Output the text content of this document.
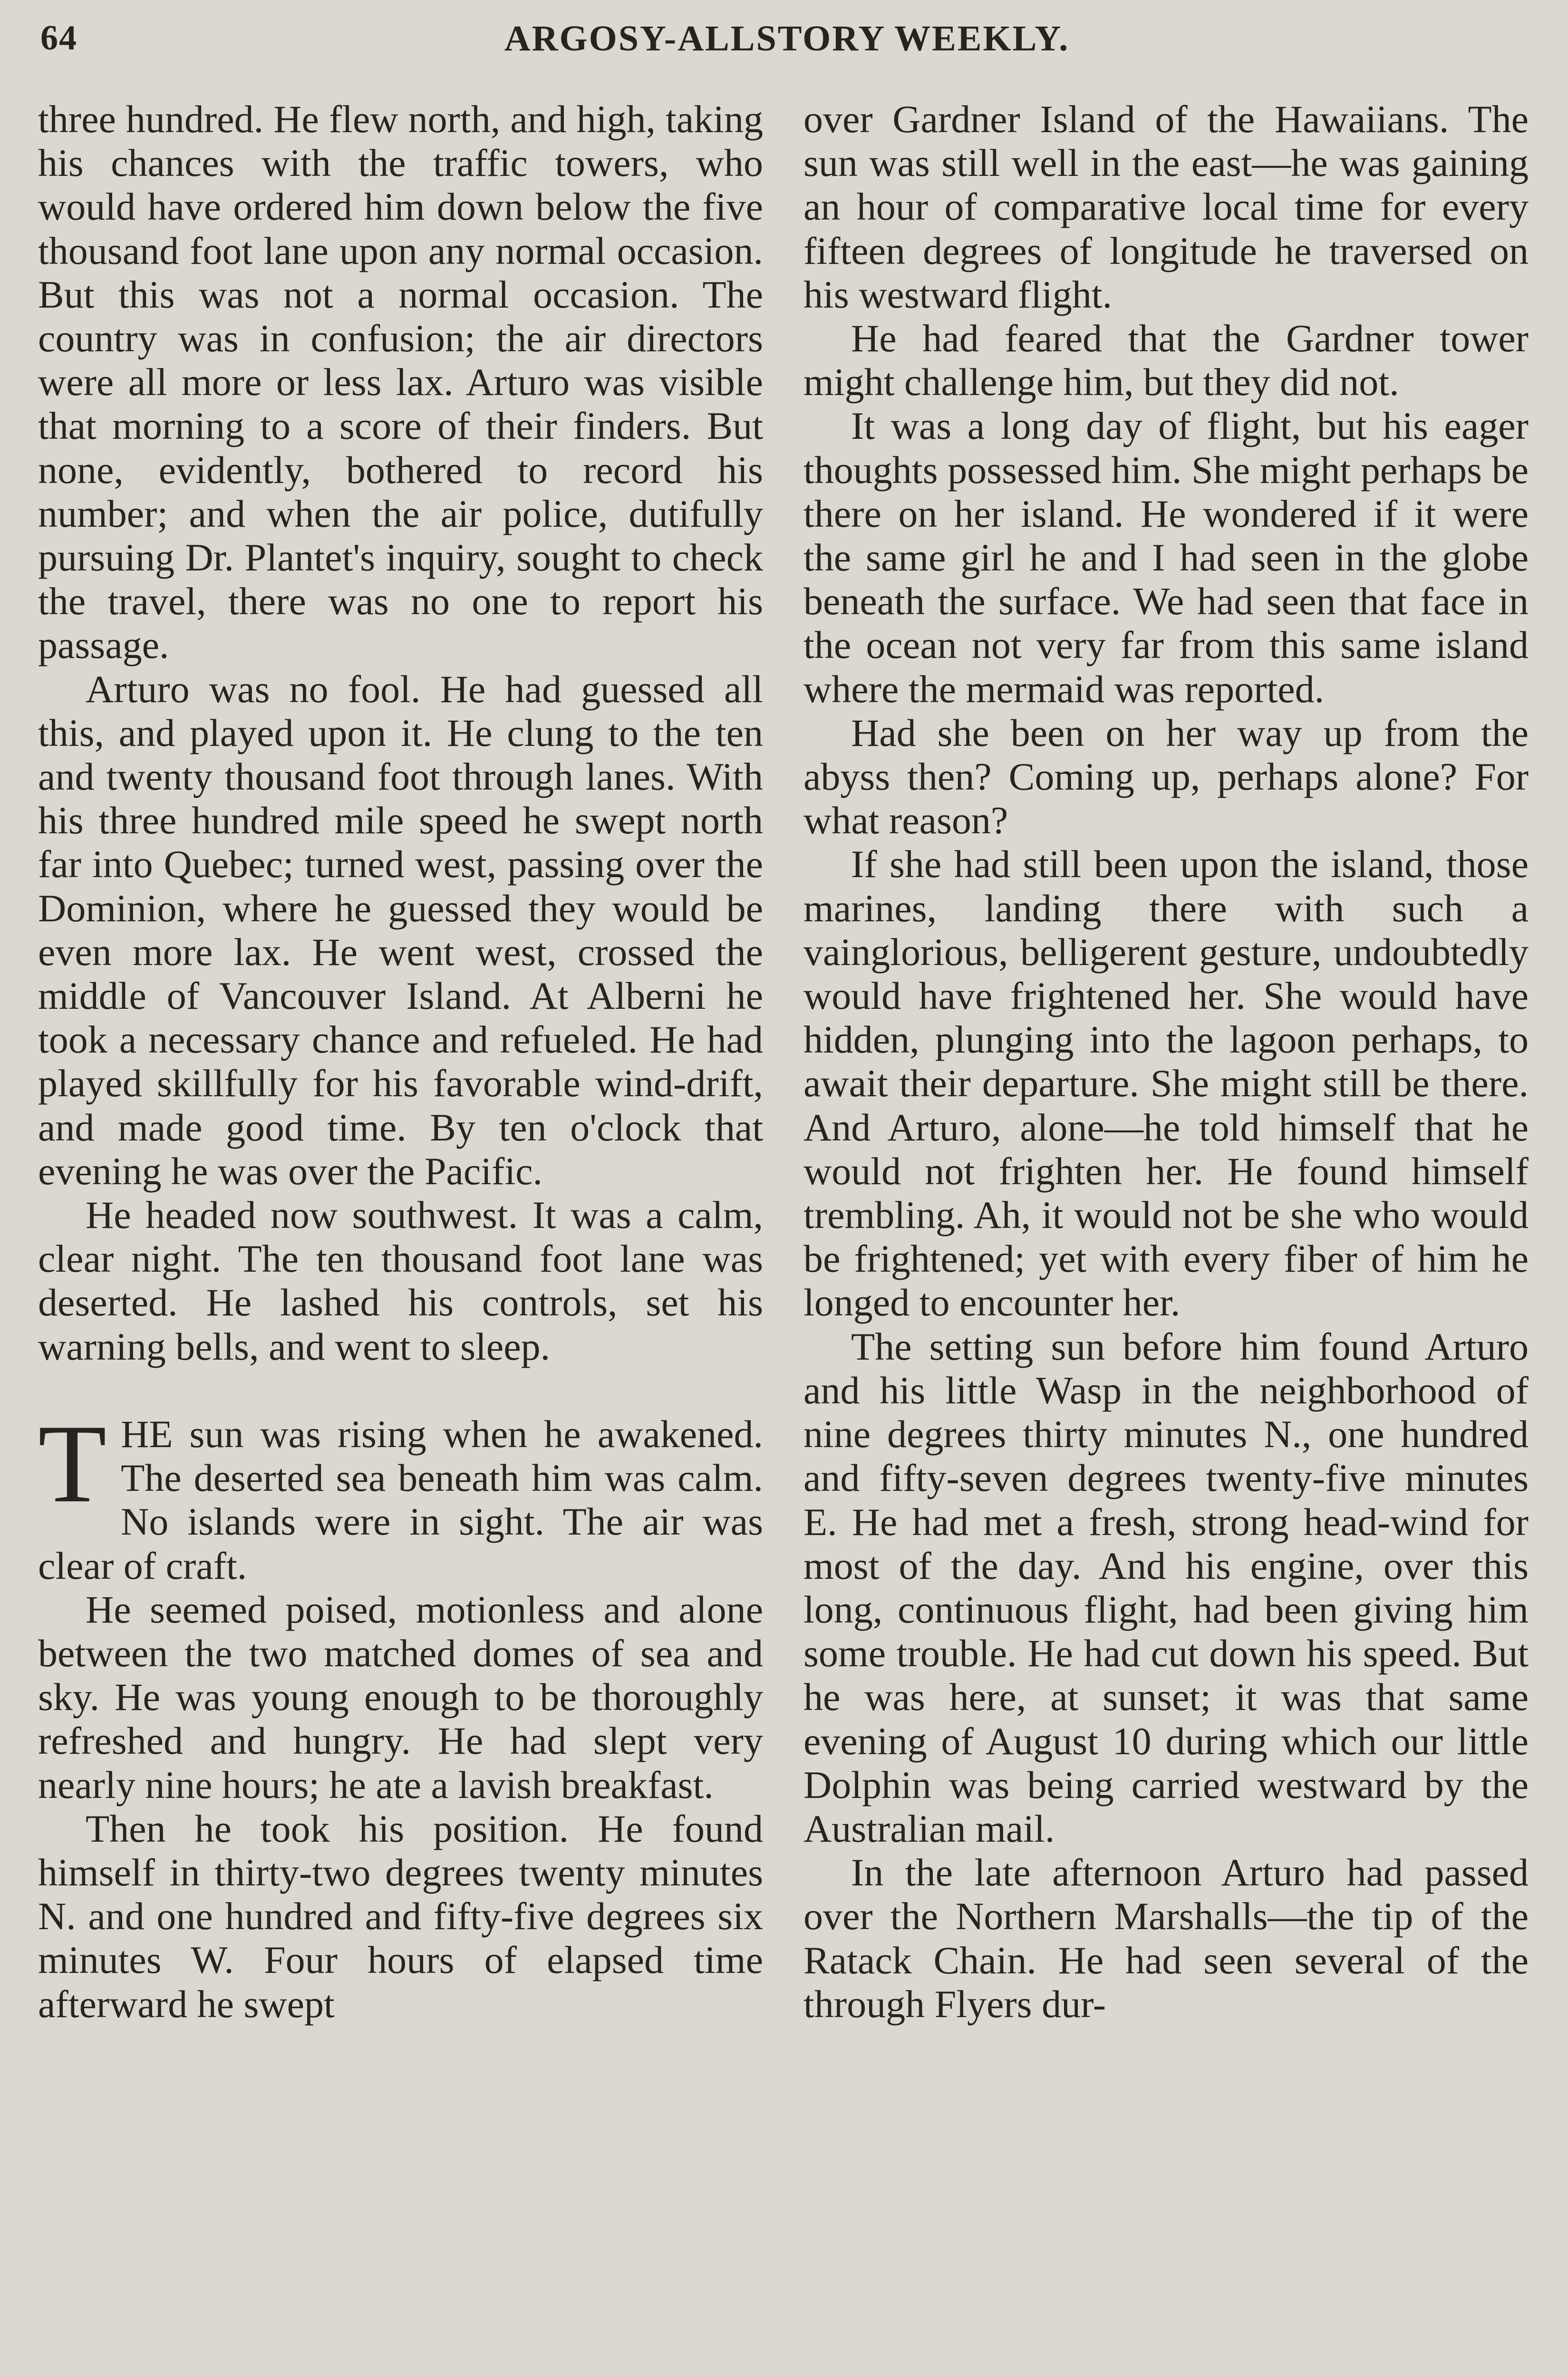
64	ARGOSY-ALLSTORY WEEKLY.

three hundred. He flew north, and high, taking his chances with the traffic towers, who would have ordered him down below the five thousand foot lane upon any normal occasion. But this was not a normal occasion. The country was in confusion; the air directors were all more or less lax. Arturo was visible that morning to a score of their finders. But none, evidently, bothered to record his number; and when the air police, dutifully pursuing Dr. Plantet's inquiry, sought to check the travel, there was no one to report his passage.

Arturo was no fool. He had guessed all this, and played upon it. He clung to the ten and twenty thousand foot through lanes. With his three hundred mile speed he swept north far into Quebec; turned west, passing over the Dominion, where he guessed they would be even more lax. He went west, crossed the middle of Vancouver Island. At Alberni he took a necessary chance and refueled. He had played skillfully for his favorable wind-drift, and made good time. By ten o'clock that evening he was over the Pacific.

He headed now southwest. It was a calm, clear night. The ten thousand foot lane was deserted. He lashed his controls, set his warning bells, and went to sleep.

THE sun was rising when he awakened. The deserted sea beneath him was calm. No islands were in sight. The air was clear of craft.

He seemed poised, motionless and alone between the two matched domes of sea and sky. He was young enough to be thoroughly refreshed and hungry. He had slept very nearly nine hours; he ate a lavish breakfast.

Then he took his position. He found himself in thirty-two degrees twenty minutes N. and one hundred and fifty-five degrees six minutes W. Four hours of elapsed time afterward he swept

over Gardner Island of the Hawaiians. The sun was still well in the east—he was gaining an hour of comparative local time for every fifteen degrees of longitude he traversed on his westward flight.

He had feared that the Gardner tower might challenge him, but they did not.

It was a long day of flight, but his eager thoughts possessed him. She might perhaps be there on her island. He wondered if it were the same girl he and I had seen in the globe beneath the surface. We had seen that face in the ocean not very far from this same island where the mermaid was reported.

Had she been on her way up from the abyss then? Coming up, perhaps alone? For what reason?

If she had still been upon the island, those marines, landing there with such a vainglorious, belligerent gesture, undoubtedly would have frightened her. She would have hidden, plunging into the lagoon perhaps, to await their departure. She might still be there. And Arturo, alone—he told himself that he would not frighten her. He found himself trembling. Ah, it would not be she who would be frightened; yet with every fiber of him he longed to encounter her.

The setting sun before him found Arturo and his little Wasp in the neighborhood of nine degrees thirty minutes N., one hundred and fifty-seven degrees twenty-five minutes E. He had met a fresh, strong head-wind for most of the day. And his engine, over this long, continuous flight, had been giving him some trouble. He had cut down his speed. But he was here, at sunset; it was that same evening of August 10 during which our little Dolphin was being carried westward by the Australian mail.

In the late afternoon Arturo had passed over the Northern Marshalls—the tip of the Ratack Chain. He had seen several of the through Flyers dur-
